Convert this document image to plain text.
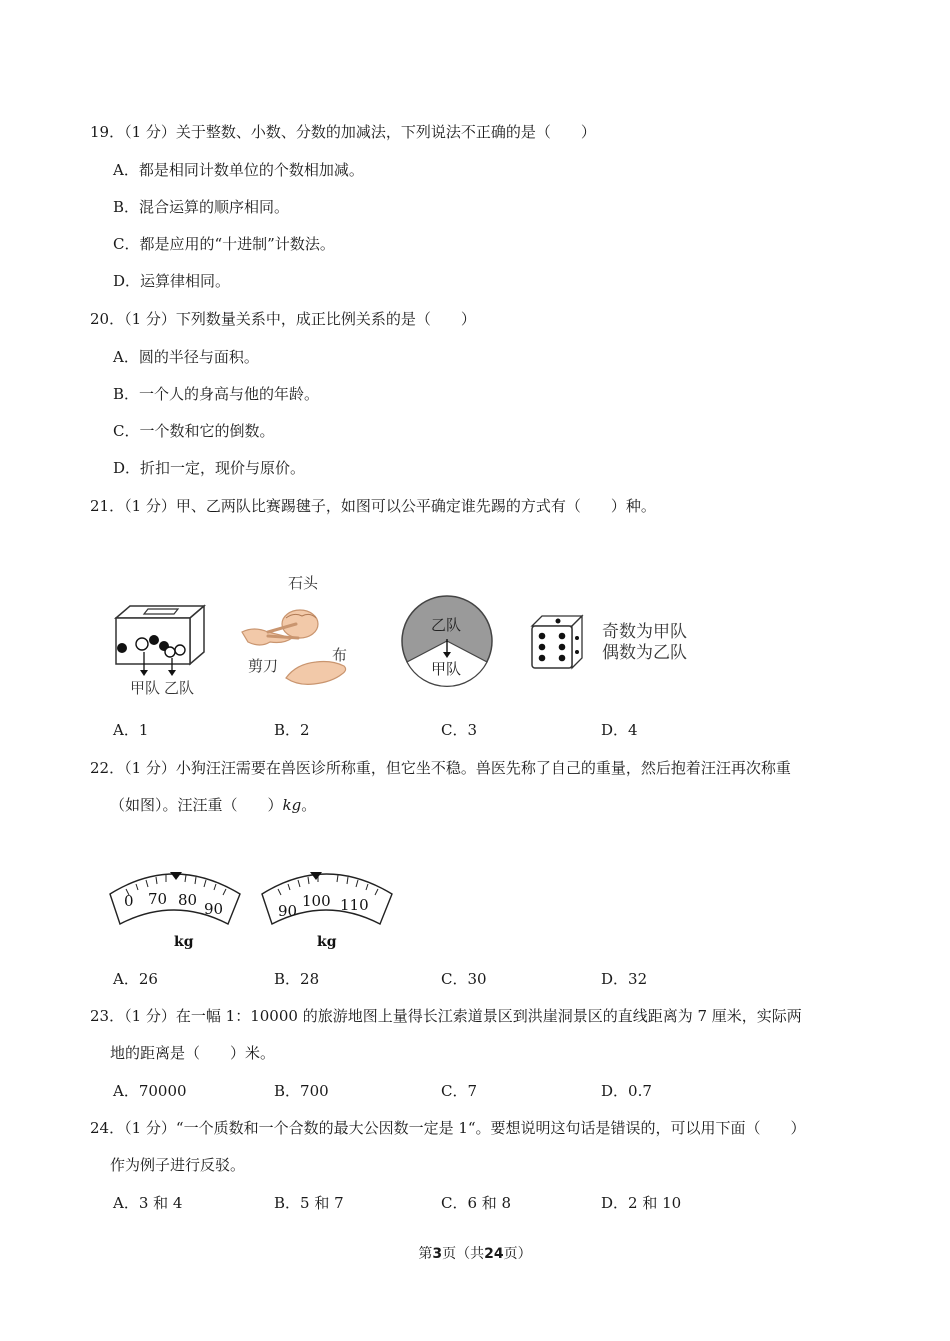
19．（1 分）关于整数、小数、分数的加减法，下列说法不正确的是（　　）
A．都是相同计数单位的个数相加减。
B．混合运算的顺序相同。
C．都是应用的“十进制”计数法。
D．运算律相同。
20．（1 分）下列数量关系中，成正比例关系的是（　　）
A．圆的半径与面积。
B．一个人的身高与他的年龄。
C．一个数和它的倒数。
D．折扣一定，现价与原价。
21．（1 分）甲、乙两队比赛踢毽子，如图可以公平确定谁先踢的方式有（　　）种。
甲队 乙队
石头
剪刀
布
乙队
甲队
奇数为甲队
偶数为乙队
A．1	B．2	C．3	D．4
22．（1 分）小狗汪汪需要在兽医诊所称重，但它坐不稳。兽医先称了自己的重量，然后抱着汪汪再次称重
（如图）。汪汪重（　　）kg。
0 70 80 90
kg
90
100 110
kg
A．26	B．28	C．30	D．32
23．（1 分）在一幅 1：10000 的旅游地图上量得长江索道景区到洪崖洞景区的直线距离为 7 厘米，实际两
地的距离是（　　）米。
A．70000	B．700	C．7	D．0.7
24．（1 分）“一个质数和一个合数的最大公因数一定是 1“。要想说明这句话是错误的，可以用下面（　　）
作为例子进行反驳。
A．3 和 4	B．5 和 7	C．6 和 8	D．2 和 10
第3页（共24页）
